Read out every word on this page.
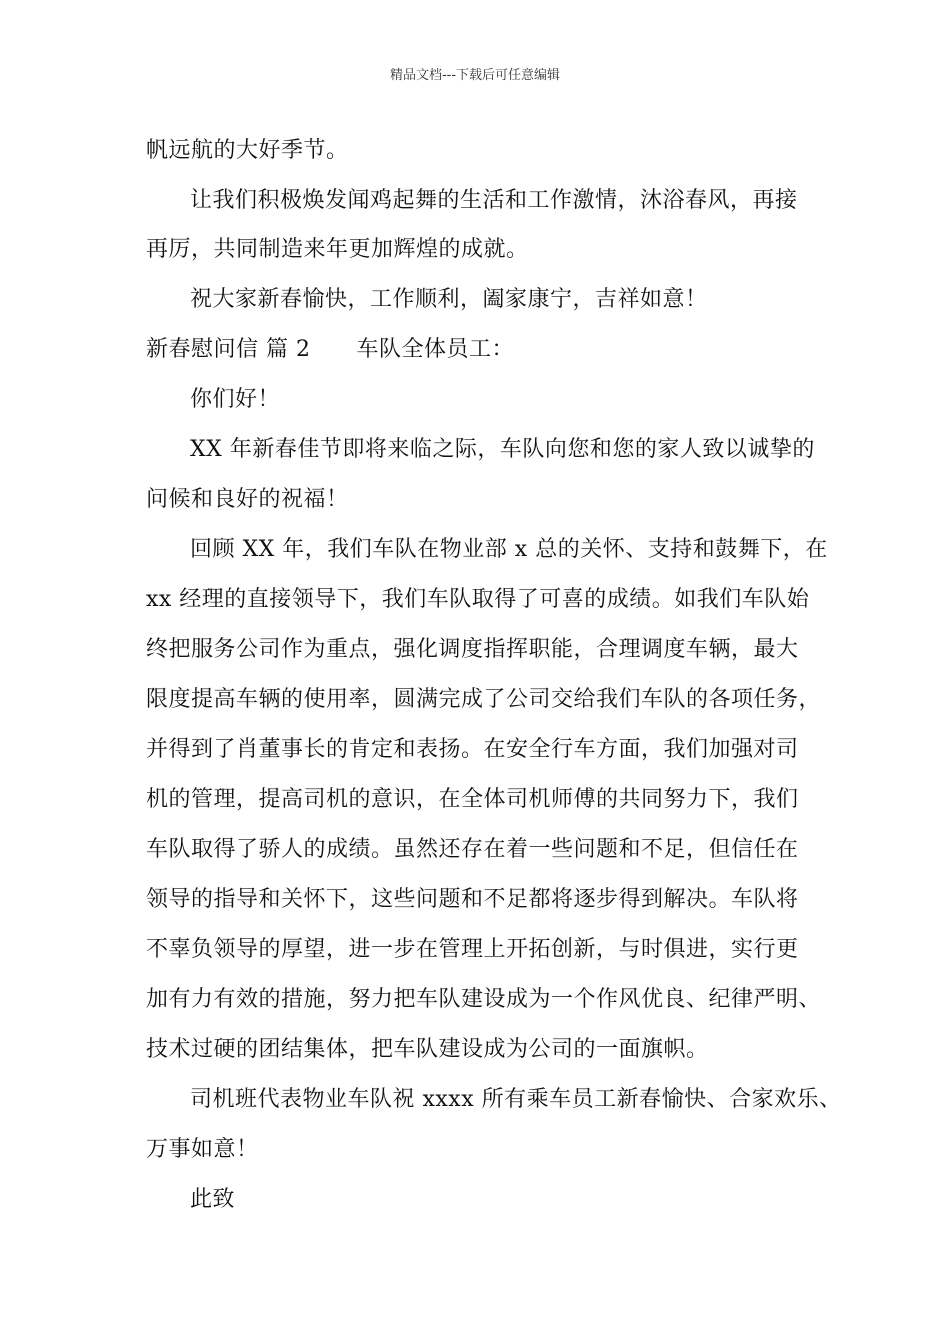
精品文档---下载后可任意编辑
帆远航的大好季节。
让我们积极焕发闻鸡起舞的生活和工作激情，沐浴春风，再接
再厉，共同制造来年更加辉煌的成就。
祝大家新春愉快，工作顺利，阖家康宁，吉祥如意！
新春慰问信 篇 2 车队全体员工：
你们好！
XX 年新春佳节即将来临之际，车队向您和您的家人致以诚挚的
问候和良好的祝福！
回顾 XX 年，我们车队在物业部 x 总的关怀、支持和鼓舞下，在
xx 经理的直接领导下，我们车队取得了可喜的成绩。如我们车队始
终把服务公司作为重点，强化调度指挥职能，合理调度车辆，最大
限度提高车辆的使用率，圆满完成了公司交给我们车队的各项任务，
并得到了肖董事长的肯定和表扬。在安全行车方面，我们加强对司
机的管理，提高司机的意识，在全体司机师傅的共同努力下，我们
车队取得了骄人的成绩。虽然还存在着一些问题和不足，但信任在
领导的指导和关怀下，这些问题和不足都将逐步得到解决。车队将
不辜负领导的厚望，进一步在管理上开拓创新，与时俱进，实行更
加有力有效的措施，努力把车队建设成为一个作风优良、纪律严明、
技术过硬的团结集体，把车队建设成为公司的一面旗帜。
司机班代表物业车队祝 xxxx 所有乘车员工新春愉快、合家欢乐、
万事如意！
此致
